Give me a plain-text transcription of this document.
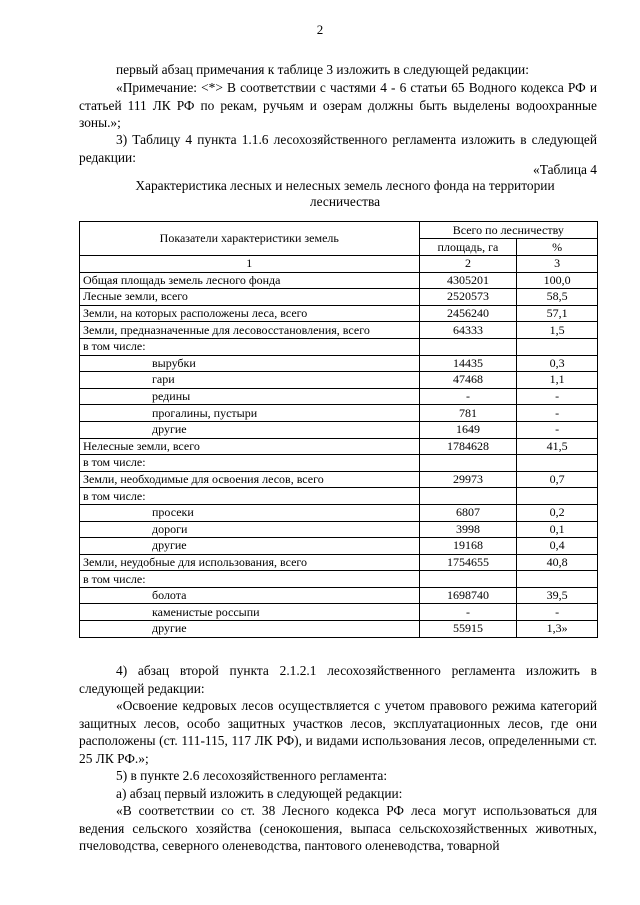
2

первый абзац примечания к таблице 3 изложить в следующей редакции:

«Примечание: <*> В соответствии с частями 4 - 6 статьи 65 Водного кодекса РФ и статьей 111 ЛК РФ по рекам, ручьям и озерам должны быть выделены водоохранные зоны.»;

3) Таблицу 4 пункта 1.1.6 лесохозяйственного регламента изложить в следующей редакции:

«Таблица 4

Характеристика лесных и нелесных земель лесного фонда на территории лесничества

Показатели характеристики земель	Всего по лесничеству	
	площадь, га	%
1	2	3
Общая площадь земель лесного фонда	4305201	100,0
Лесные земли, всего	2520573	58,5
Земли, на которых расположены леса, всего	2456240	57,1
Земли, предназначенные для лесовосстановления, всего	64333	1,5
в том числе:		
вырубки	14435	0,3
гари	47468	1,1
редины	-	-
прогалины, пустыри	781	-
другие	1649	-
Нелесные земли, всего	1784628	41,5
в том числе:		
Земли, необходимые для освоения лесов, всего	29973	0,7
в том числе:		
просеки	6807	0,2
дороги	3998	0,1
другие	19168	0,4
Земли, неудобные для использования, всего	1754655	40,8
в том числе:		
болота	1698740	39,5
каменистые россыпи	-	-
другие	55915	1,3»

4) абзац второй пункта 2.1.2.1 лесохозяйственного регламента изложить в следующей редакции:

«Освоение кедровых лесов осуществляется с учетом правового режима категорий защитных лесов, особо защитных участков лесов, эксплуатационных лесов, где они расположены (ст. 111-115, 117 ЛК РФ), и видами использования лесов, определенными ст. 25 ЛК РФ.»;

5) в пункте 2.6 лесохозяйственного регламента:

а) абзац первый изложить в следующей редакции:

«В соответствии со ст. 38 Лесного кодекса РФ леса могут использоваться для ведения сельского хозяйства (сенокошения, выпаса сельскохозяйственных животных, пчеловодства, северного оленеводства, пантового оленеводства, товарной
